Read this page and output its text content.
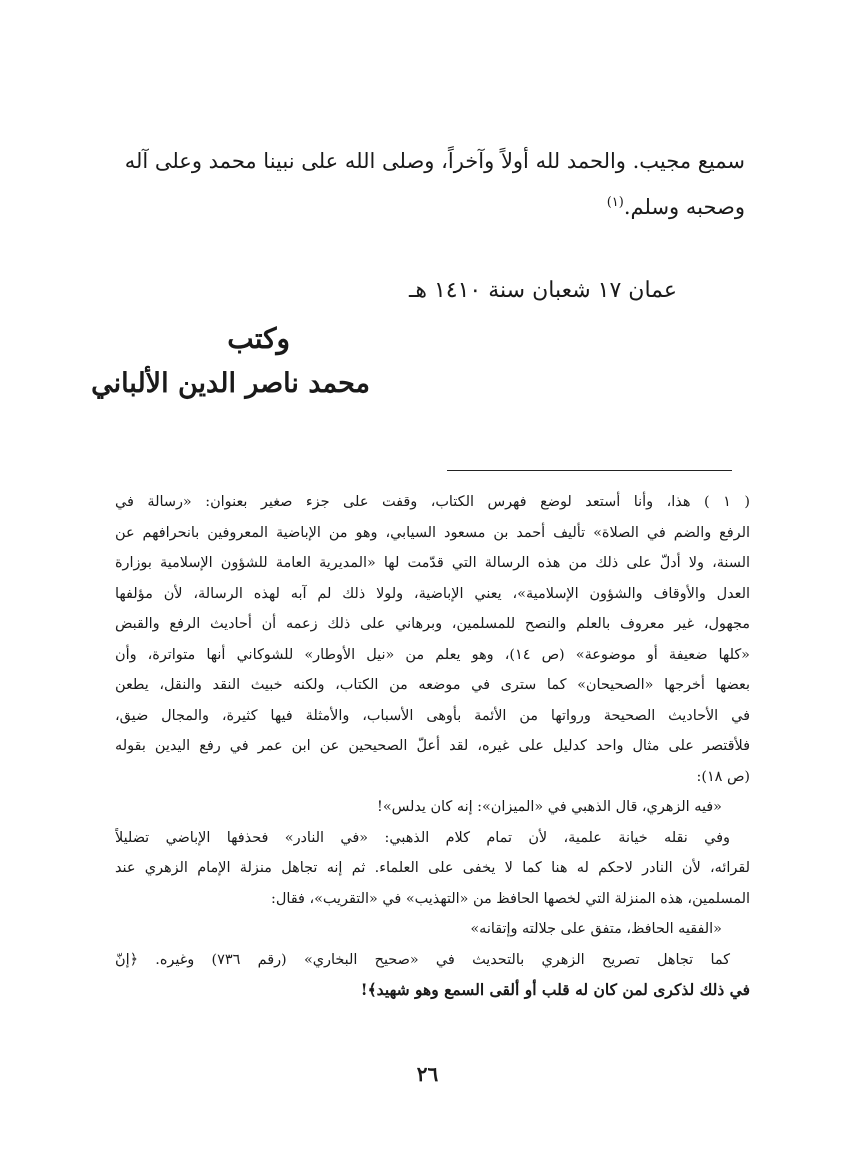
سميع مجيب. والحمد لله أولاً وآخراً، وصلى الله على نبينا محمد وعلى آله
وصحبه وسلم.$^{(١)}$
عمان ١٧ شعبان سنة ١٤١٠ هـ
وكتب
محمد ناصر الدين الألباني
( ١ ) هذا، وأنا أستعد لوضع فهرس الكتاب، وقفت على جزء صغير بعنوان: «رسالة في
الرفع والضم في الصلاة» تأليف أحمد بن مسعود السيابي، وهو من الإباضية المعروفين بانحرافهم عن
السنة، ولا أدلّ على ذلك من هذه الرسالة التي قدّمت لها «المديرية العامة للشؤون الإسلامية بوزارة
العدل والأوقاف والشؤون الإسلامية»، يعني الإباضية، ولولا ذلك لم آبه لهذه الرسالة، لأن مؤلفها
مجهول، غير معروف بالعلم والنصح للمسلمين، وبرهاني على ذلك زعمه أن أحاديث الرفع والقبض
«كلها ضعيفة أو موضوعة» (ص ١٤)، وهو يعلم من «نيل الأوطار» للشوكاني أنها متواترة، وأن
بعضها أخرجها «الصحيحان» كما سترى في موضعه من الكتاب، ولكنه خبيث النقد والنقل، يطعن
في الأحاديث الصحيحة ورواتها من الأئمة بأوهى الأسباب، والأمثلة فيها كثيرة، والمجال ضيق،
فلأقتصر على مثال واحد كدليل على غيره، لقد أعلّ الصحيحين عن ابن عمر في رفع اليدين بقوله
(ص ١٨):
«فيه الزهري، قال الذهبي في «الميزان»: إنه كان يدلس»!
وفي نقله خيانة علمية، لأن تمام كلام الذهبي: «في النادر» فحذفها الإباضي تضليلاً
لقرائه، لأن النادر لاحكم له هنا كما لا يخفى على العلماء. ثم إنه تجاهل منزلة الإمام الزهري عند
المسلمين، هذه المنزلة التي لخصها الحافظ من «التهذيب» في «التقريب»، فقال:
«الفقيه الحافظ، متفق على جلالته وإتقانه»
كما تجاهل تصريح الزهري بالتحديث في «صحيح البخاري» (رقم ٧٣٦) وغيره. ﴿إنّ
في ذلك لذكرى لمن كان له قلب أو ألقى السمع وهو شهيد﴾!
٢٦
